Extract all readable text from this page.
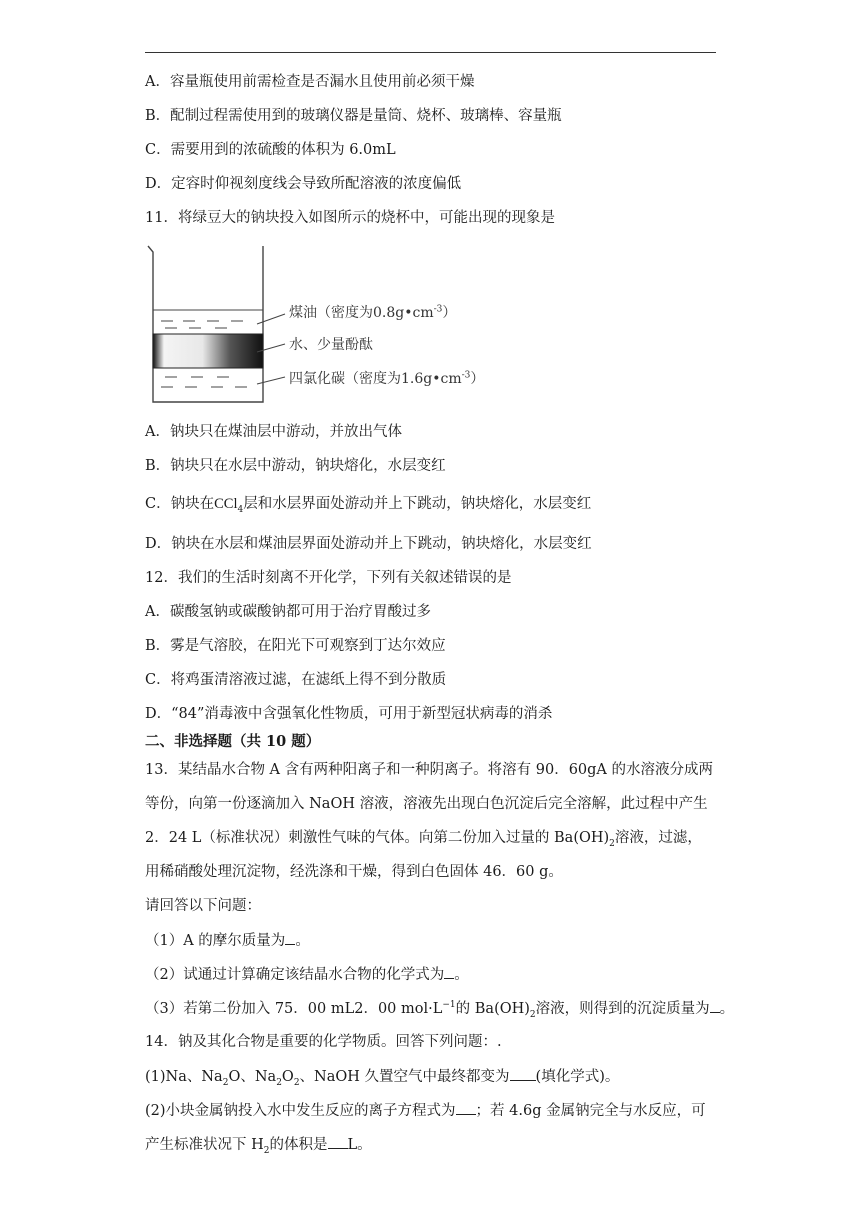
A．容量瓶使用前需检查是否漏水且使用前必须干燥
B．配制过程需使用到的玻璃仪器是量筒、烧杯、玻璃棒、容量瓶
C．需要用到的浓硫酸的体积为 6.0mL
D．定容时仰视刻度线会导致所配溶液的浓度偏低
11．将绿豆大的钠块投入如图所示的烧杯中，可能出现的现象是
煤油（密度为$0.8g•cm^{-3}$）
水、少量酚酞
四氯化碳（密度为$1.6g•cm^{-3}$）
A．钠块只在煤油层中游动，并放出气体
B．钠块只在水层中游动，钠块熔化，水层变红
C．钠块在CCl$_4$层和水层界面处游动并上下跳动，钠块熔化，水层变红
D．钠块在水层和煤油层界面处游动并上下跳动，钠块熔化，水层变红
12．我们的生活时刻离不开化学，下列有关叙述错误的是
A．碳酸氢钠或碳酸钠都可用于治疗胃酸过多
B．雾是气溶胶，在阳光下可观察到丁达尔效应
C．将鸡蛋清溶液过滤，在滤纸上得不到分散质
D．“84”消毒液中含强氧化性物质，可用于新型冠状病毒的消杀
二、非选择题（共 10 题）
13．某结晶水合物 A 含有两种阳离子和一种阴离子。将溶有 90．60gA 的水溶液分成两
等份，向第一份逐滴加入 NaOH 溶液，溶液先出现白色沉淀后完全溶解，此过程中产生
2．24 L（标准状况）刺激性气味的气体。向第二份加入过量的 $Ba(OH)_2$溶液，过滤，
用稀硝酸处理沉淀物，经洗涤和干燥，得到白色固体 46．60 g。
请回答以下问题：
（1）A 的摩尔质量为 。
（2）试通过计算确定该结晶水合物的化学式为 。
（3）若第二份加入 75．00 mL2．00 $mol\cdot L^{-1}$的 $Ba(OH)_2$溶液，则得到的沉淀质量为 。
14．钠及其化合物是重要的化学物质。回答下列问题：.
(1)Na、$Na_2O$、$Na_2O_2$、NaOH 久置空气中最终都变为 (填化学式)。
(2)小块金属钠投入水中发生反应的离子方程式为 ；若 4.6g 金属钠完全与水反应，可
产生标准状况下 $H_2$的体积是 L。
